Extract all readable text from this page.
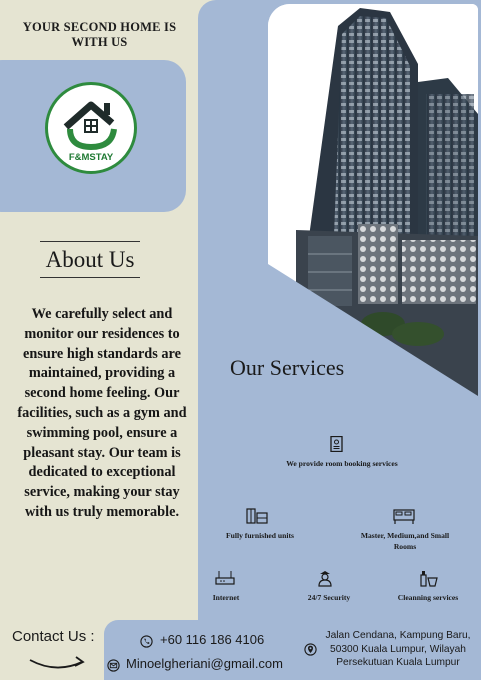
YOUR SECOND HOME IS WITH US
F&MSTAY
About Us
We carefully select and monitor our residences to ensure high standards are maintained, providing a second home feeling. Our facilities, such as a gym and swimming pool, ensure a pleasant stay. Our team is dedicated to exceptional service, making your stay with us truly memorable.
Our Services
We provide room booking services
Fully furnished units	Master, Medium,and Small Rooms
Internet	24/7 Security	Cleanning services
Contact Us :	+60 116 186 4106
Minoelgheriani@gmail.com
Jalan Cendana, Kampung Baru, 50300 Kuala Lumpur, Wilayah Persekutuan Kuala Lumpur
